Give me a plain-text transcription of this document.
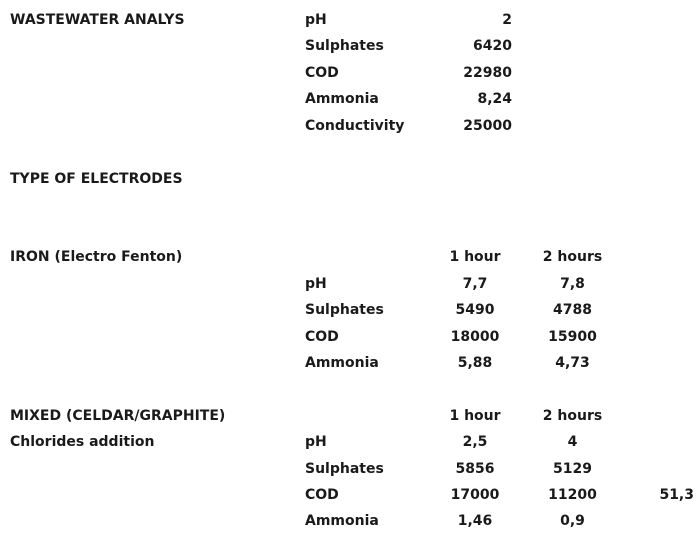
WASTEWATER ANALYS	pH	2
Sulphates	6420
COD	22980
Ammonia	8,24
Conductivity	25000
TYPE OF ELECTRODES
IRON (Electro Fenton)	1 hour	2 hours
pH	7,7	7,8
Sulphates	5490	4788
COD	18000	15900
Ammonia	5,88	4,73
MIXED (CELDAR/GRAPHITE)	1 hour	2 hours
Chlorides addition	pH	2,5	4
Sulphates	5856	5129
COD	17000	11200	51,3
Ammonia	1,46	0,9
